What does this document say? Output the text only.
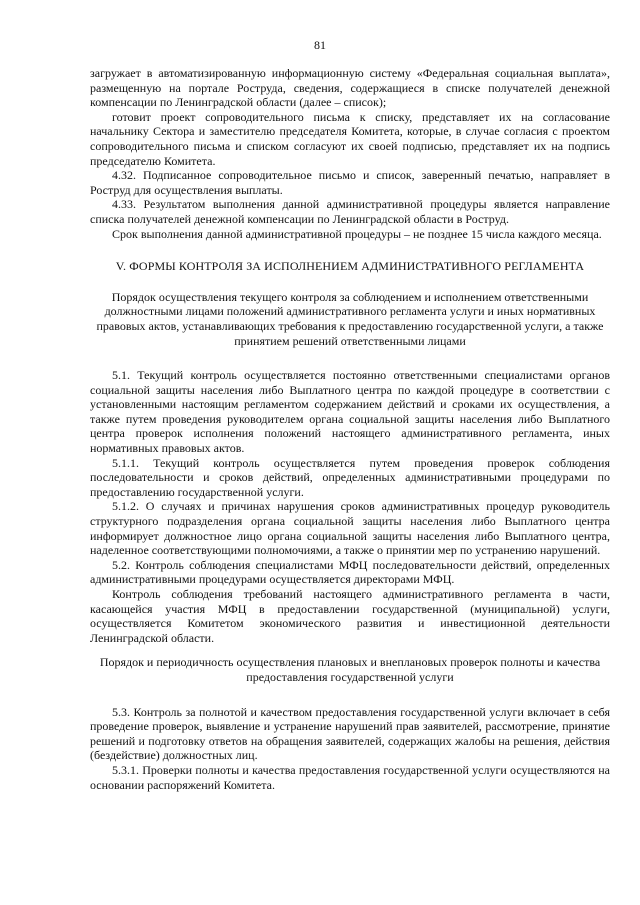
81

загружает в автоматизированную информационную систему «Федеральная социальная выплата», размещенную на портале Роструда, сведения, содержащиеся в списке получателей денежной компенсации по Ленинградской области (далее – список);

готовит проект сопроводительного письма к списку, представляет их на согласование начальнику Сектора и заместителю председателя Комитета, которые, в случае согласия с проектом сопроводительного письма и списком согласуют их своей подписью, представляет их на подпись председателю Комитета.

4.32. Подписанное сопроводительное письмо и список, заверенный печатью, направляет в Роструд для осуществления выплаты.

4.33. Результатом выполнения данной административной процедуры является направление списка получателей денежной компенсации по Ленинградской области в Роструд.

Срок выполнения данной административной процедуры – не позднее 15 числа каждого месяца.

V. ФОРМЫ КОНТРОЛЯ ЗА ИСПОЛНЕНИЕМ АДМИНИСТРАТИВНОГО РЕГЛАМЕНТА
Порядок осуществления текущего контроля за соблюдением и исполнением ответственными должностными лицами положений административного регламента услуги и иных нормативных правовых актов, устанавливающих требования к предоставлению государственной услуги, а также принятием решений ответственными лицами

5.1. Текущий контроль осуществляется постоянно ответственными специалистами органов социальной защиты населения либо Выплатного центра по каждой процедуре в соответствии с установленными настоящим регламентом содержанием действий и сроками их осуществления, а также путем проведения руководителем органа социальной защиты населения либо Выплатного центра проверок исполнения положений настоящего административного регламента, иных нормативных правовых актов.

5.1.1. Текущий контроль осуществляется путем проведения проверок соблюдения последовательности и сроков действий, определенных административными процедурами по предоставлению государственной услуги.

5.1.2. О случаях и причинах нарушения сроков административных процедур руководитель структурного подразделения органа социальной защиты населения либо Выплатного центра информирует должностное лицо органа социальной защиты населения либо Выплатного центра, наделенное соответствующими полномочиями, а также о принятии мер по устранению нарушений.

5.2. Контроль соблюдения специалистами МФЦ последовательности действий, определенных административными процедурами осуществляется директорами МФЦ.

Контроль соблюдения требований настоящего административного регламента в части, касающейся участия МФЦ в предоставлении государственной (муниципальной) услуги, осуществляется Комитетом экономического развития и инвестиционной деятельности Ленинградской области.

Порядок и периодичность осуществления плановых и внеплановых проверок полноты и качества предоставления государственной услуги

5.3. Контроль за полнотой и качеством предоставления государственной услуги включает в себя проведение проверок, выявление и устранение нарушений прав заявителей, рассмотрение, принятие решений и подготовку ответов на обращения заявителей, содержащих жалобы на решения, действия (бездействие) должностных лиц.

5.3.1. Проверки полноты и качества предоставления государственной услуги осуществляются на основании распоряжений Комитета.
